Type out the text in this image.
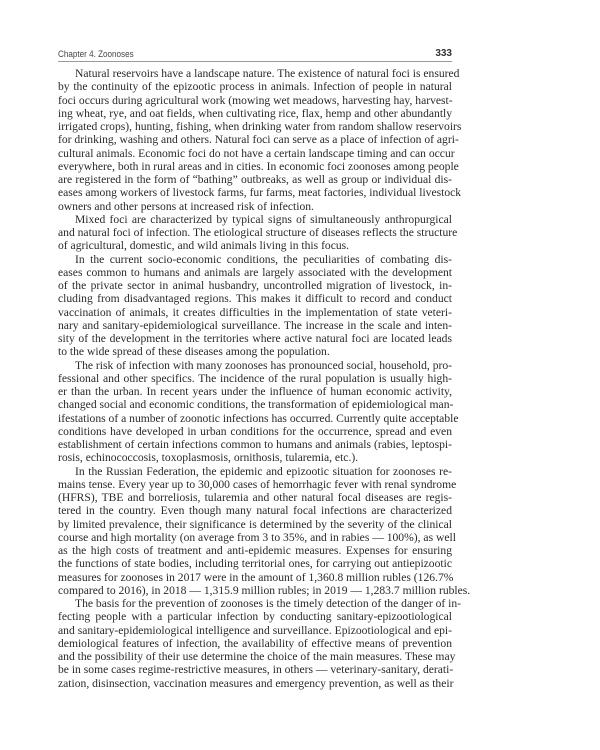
Chapter 4. Zoonoses	333
Natural reservoirs have a landscape nature. The existence of natural foci is ensured
by the continuity of the epizootic process in animals. Infection of people in natural
foci occurs during agricultural work (mowing wet meadows, harvesting hay, harvest-
ing wheat, rye, and oat fields, when cultivating rice, flax, hemp and other abundantly
irrigated crops), hunting, fishing, when drinking water from random shallow reservoirs
for drinking, washing and others. Natural foci can serve as a place of infection of agri-
cultural animals. Economic foci do not have a certain landscape timing and can occur
everywhere, both in rural areas and in cities. In economic foci zoonoses among people
are registered in the form of “bathing” outbreaks, as well as group or individual dis-
eases among workers of livestock farms, fur farms, meat factories, individual livestock
owners and other persons at increased risk of infection.
Mixed foci are characterized by typical signs of simultaneously anthropurgical
and natural foci of infection. The etiological structure of diseases reflects the structure
of agricultural, domestic, and wild animals living in this focus.
In the current socio-economic conditions, the peculiarities of combating dis-
eases common to humans and animals are largely associated with the development
of the private sector in animal husbandry, uncontrolled migration of livestock, in-
cluding from disadvantaged regions. This makes it difficult to record and conduct
vaccination of animals, it creates difficulties in the implementation of state veteri-
nary and sanitary-epidemiological surveillance. The increase in the scale and inten-
sity of the development in the territories where active natural foci are located leads
to the wide spread of these diseases among the population.
The risk of infection with many zoonoses has pronounced social, household, pro-
fessional and other specifics. The incidence of the rural population is usually high-
er than the urban. In recent years under the influence of human economic activity,
changed social and economic conditions, the transformation of epidemiological man-
ifestations of a number of zoonotic infections has occurred. Currently quite acceptable
conditions have developed in urban conditions for the occurrence, spread and even
establishment of certain infections common to humans and animals (rabies, leptospi-
rosis, echinococcosis, toxoplasmosis, ornithosis, tularemia, etc.).
In the Russian Federation, the epidemic and epizootic situation for zoonoses re-
mains tense. Every year up to 30,000 cases of hemorrhagic fever with renal syndrome
(HFRS), TBE and borreliosis, tularemia and other natural focal diseases are regis-
tered in the country. Even though many natural focal infections are characterized
by limited prevalence, their significance is determined by the severity of the clinical
course and high mortality (on average from 3 to 35%, and in rabies — 100%), as well
as the high costs of treatment and anti-epidemic measures. Expenses for ensuring
the functions of state bodies, including territorial ones, for carrying out antiepizootic
measures for zoonoses in 2017 were in the amount of 1,360.8 million rubles (126.7%
compared to 2016), in 2018 — 1,315.9 million rubles; in 2019 — 1,283.7 million rubles.
The basis for the prevention of zoonoses is the timely detection of the danger of in-
fecting people with a particular infection by conducting sanitary-epizootiological
and sanitary-epidemiological intelligence and surveillance. Epizootiological and epi-
demiological features of infection, the availability of effective means of prevention
and the possibility of their use determine the choice of the main measures. These may
be in some cases regime-restrictive measures, in others — veterinary-sanitary, derati-
zation, disinsection, vaccination measures and emergency prevention, as well as their
